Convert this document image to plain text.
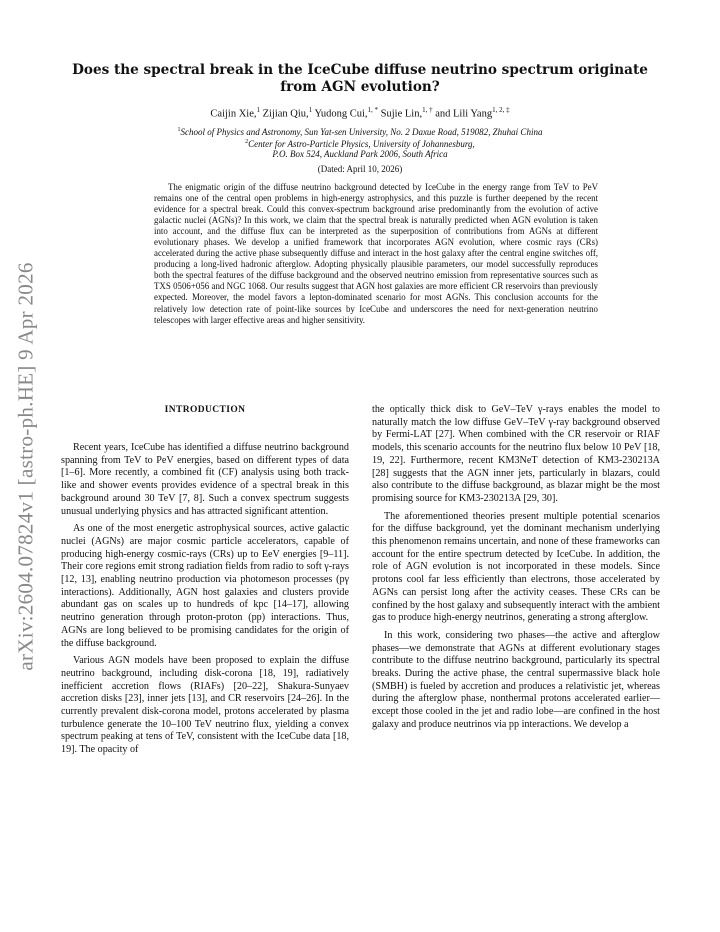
arXiv:2604.07824v1 [astro-ph.HE] 9 Apr 2026
Does the spectral break in the IceCube diffuse neutrino spectrum originate from AGN evolution?
Caijin Xie,$^1$ Zijian Qiu,$^1$ Yudong Cui,$^{1, *}$ Sujie Lin,$^{1, \dagger}$ and Lili Yang$^{1, 2, \ddagger}$
$^1$School of Physics and Astronomy, Sun Yat-sen University, No. 2 Daxue Road, 519082, Zhuhai China
$^2$Center for Astro-Particle Physics, University of Johannesburg,
P.O. Box 524, Auckland Park 2006, South Africa
(Dated: April 10, 2026)
The enigmatic origin of the diffuse neutrino background detected by IceCube in the energy range from TeV to PeV remains one of the central open problems in high-energy astrophysics, and this puzzle is further deepened by the recent evidence for a spectral break. Could this convex-spectrum background arise predominantly from the evolution of active galactic nuclei (AGNs)? In this work, we claim that the spectral break is naturally predicted when AGN evolution is taken into account, and the diffuse flux can be interpreted as the superposition of contributions from AGNs at different evolutionary phases. We develop a unified framework that incorporates AGN evolution, where cosmic rays (CRs) accelerated during the active phase subsequently diffuse and interact in the host galaxy after the central engine switches off, producing a long-lived hadronic afterglow. Adopting physically plausible parameters, our model successfully reproduces both the spectral features of the diffuse background and the observed neutrino emission from representative sources such as TXS 0506+056 and NGC 1068. Our results suggest that AGN host galaxies are more efficient CR reservoirs than previously expected. Moreover, the model favors a lepton-dominated scenario for most AGNs. This conclusion accounts for the relatively low detection rate of point-like sources by IceCube and underscores the need for next-generation neutrino telescopes with larger effective areas and higher sensitivity.
INTRODUCTION

Recent years, IceCube has identified a diffuse neutrino background spanning from TeV to PeV energies, based on different types of data [1–6]. More recently, a combined fit (CF) analysis using both track-like and shower events provides evidence of a spectral break in this background around 30 TeV [7, 8]. Such a convex spectrum suggests unusual underlying physics and has attracted significant attention.

As one of the most energetic astrophysical sources, active galactic nuclei (AGNs) are major cosmic particle accelerators, capable of producing high-energy cosmic-rays (CRs) up to EeV energies [9–11]. Their core regions emit strong radiation fields from radio to soft γ-rays [12, 13], enabling neutrino production via photomeson processes (pγ interactions). Additionally, AGN host galaxies and clusters provide abundant gas on scales up to hundreds of kpc [14–17], allowing neutrino generation through proton-proton (pp) interactions. Thus, AGNs are long believed to be promising candidates for the origin of the diffuse background.

Various AGN models have been proposed to explain the diffuse neutrino background, including disk-corona [18, 19], radiatively inefficient accretion flows (RIAFs) [20–22], Shakura-Sunyaev accretion disks [23], inner jets [13], and CR reservoirs [24–26]. In the currently prevalent disk-corona model, protons accelerated by plasma turbulence generate the 10–100 TeV neutrino flux, yielding a convex spectrum peaking at tens of TeV, consistent with the IceCube data [18, 19]. The opacity of

the optically thick disk to GeV–TeV γ-rays enables the model to naturally match the low diffuse GeV–TeV γ-ray background observed by Fermi-LAT [27]. When combined with the CR reservoir or RIAF models, this scenario accounts for the neutrino flux below 10 PeV [18, 19, 22]. Furthermore, recent KM3NeT detection of KM3-230213A [28] suggests that the AGN inner jets, particularly in blazars, could also contribute to the diffuse background, as blazar might be the most promising source for KM3-230213A [29, 30].

The aforementioned theories present multiple potential scenarios for the diffuse background, yet the dominant mechanism underlying this phenomenon remains uncertain, and none of these frameworks can account for the entire spectrum detected by IceCube. In addition, the role of AGN evolution is not incorporated in these models. Since protons cool far less efficiently than electrons, those accelerated by AGNs can persist long after the activity ceases. These CRs can be confined by the host galaxy and subsequently interact with the ambient gas to produce high-energy neutrinos, generating a strong afterglow.

In this work, considering two phases—the active and afterglow phases—we demonstrate that AGNs at different evolutionary stages contribute to the diffuse neutrino background, particularly its spectral breaks. During the active phase, the central supermassive black hole (SMBH) is fueled by accretion and produces a relativistic jet, whereas during the afterglow phase, nonthermal protons accelerated earlier—except those cooled in the jet and radio lobe—are confined in the host galaxy and produce neutrinos via pp interactions. We develop a
